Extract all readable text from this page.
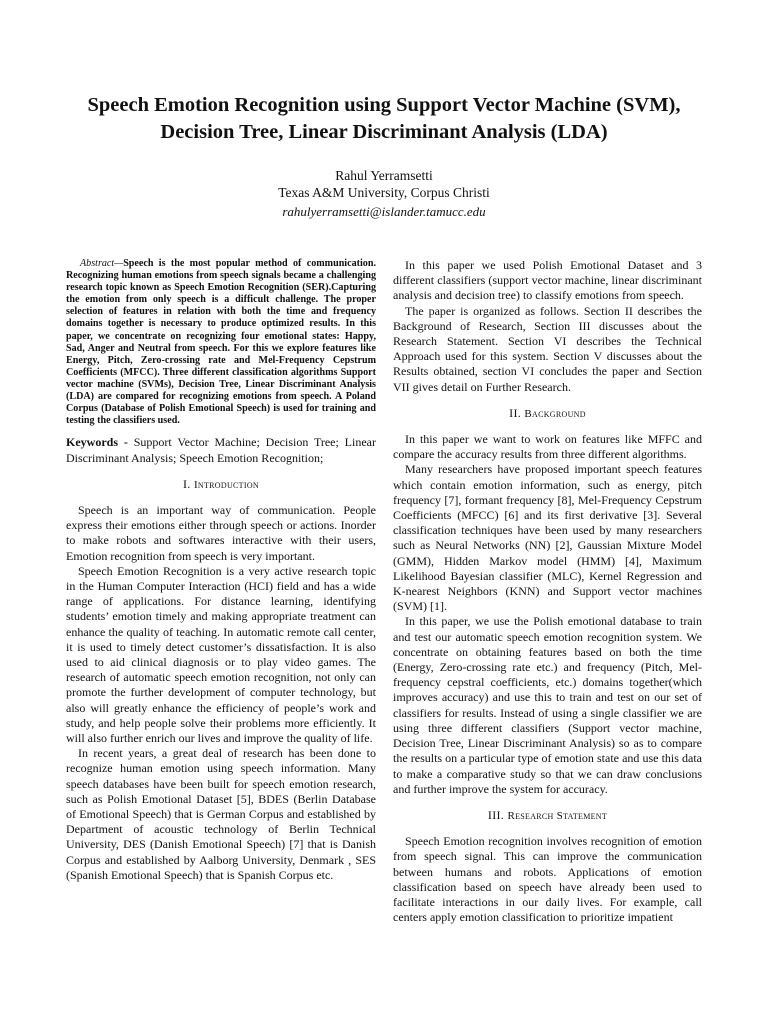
Speech Emotion Recognition using Support Vector Machine (SVM), Decision Tree, Linear Discriminant Analysis (LDA)
Rahul Yerramsetti
Texas A&M University, Corpus Christi
rahulyerramsetti@islander.tamucc.edu

Abstract—Speech is the most popular method of communication. Recognizing human emotions from speech signals became a challenging research topic known as Speech Emotion Recognition (SER).Capturing the emotion from only speech is a difficult challenge. The proper selection of features in relation with both the time and frequency domains together is necessary to produce optimized results. In this paper, we concentrate on recognizing four emotional states: Happy, Sad, Anger and Neutral from speech. For this we explore features like Energy, Pitch, Zero-crossing rate and Mel-Frequency Cepstrum Coefficients (MFCC). Three different classification algorithms Support vector machine (SVMs), Decision Tree, Linear Discriminant Analysis (LDA) are compared for recognizing emotions from speech. A Poland Corpus (Database of Polish Emotional Speech) is used for training and testing the classifiers used.

Keywords - Support Vector Machine; Decision Tree; Linear Discriminant Analysis; Speech Emotion Recognition;

I. Introduction

Speech is an important way of communication. People express their emotions either through speech or actions. Inorder to make robots and softwares interactive with their users, Emotion recognition from speech is very important.

Speech Emotion Recognition is a very active research topic in the Human Computer Interaction (HCI) field and has a wide range of applications. For distance learning, identifying students’ emotion timely and making appropriate treatment can enhance the quality of teaching. In automatic remote call center, it is used to timely detect customer’s dissatisfaction. It is also used to aid clinical diagnosis or to play video games. The research of automatic speech emotion recognition, not only can promote the further development of computer technology, but also will greatly enhance the efficiency of people’s work and study, and help people solve their problems more efficiently. It will also further enrich our lives and improve the quality of life.

In recent years, a great deal of research has been done to recognize human emotion using speech information. Many speech databases have been built for speech emotion research, such as Polish Emotional Dataset [5], BDES (Berlin Database of Emotional Speech) that is German Corpus and established by Department of acoustic technology of Berlin Technical University, DES (Danish Emotional Speech) [7] that is Danish Corpus and established by Aalborg University, Denmark , SES (Spanish Emotional Speech) that is Spanish Corpus etc.

In this paper we used Polish Emotional Dataset and 3 different classifiers (support vector machine, linear discriminant analysis and decision tree) to classify emotions from speech.

The paper is organized as follows. Section II describes the Background of Research, Section III discusses about the Research Statement. Section VI describes the Technical Approach used for this system. Section V discusses about the Results obtained, section VI concludes the paper and Section VII gives detail on Further Research.

II. Background

In this paper we want to work on features like MFFC and compare the accuracy results from three different algorithms.

Many researchers have proposed important speech features which contain emotion information, such as energy, pitch frequency [7], formant frequency [8], Mel-Frequency Cepstrum Coefficients (MFCC) [6] and its first derivative [3]. Several classification techniques have been used by many researchers such as Neural Networks (NN) [2], Gaussian Mixture Model (GMM), Hidden Markov model (HMM) [4], Maximum Likelihood Bayesian classifier (MLC), Kernel Regression and K-nearest Neighbors (KNN) and Support vector machines (SVM) [1].

In this paper, we use the Polish emotional database to train and test our automatic speech emotion recognition system. We concentrate on obtaining features based on both the time (Energy, Zero-crossing rate etc.) and frequency (Pitch, Mel-frequency cepstral coefficients, etc.) domains together(which improves accuracy) and use this to train and test on our set of classifiers for results. Instead of using a single classifier we are using three different classifiers (Support vector machine, Decision Tree, Linear Discriminant Analysis) so as to compare the results on a particular type of emotion state and use this data to make a comparative study so that we can draw conclusions and further improve the system for accuracy.

III. Research Statement

Speech Emotion recognition involves recognition of emotion from speech signal. This can improve the communication between humans and robots. Applications of emotion classification based on speech have already been used to facilitate interactions in our daily lives. For example, call centers apply emotion classification to prioritize impatient
